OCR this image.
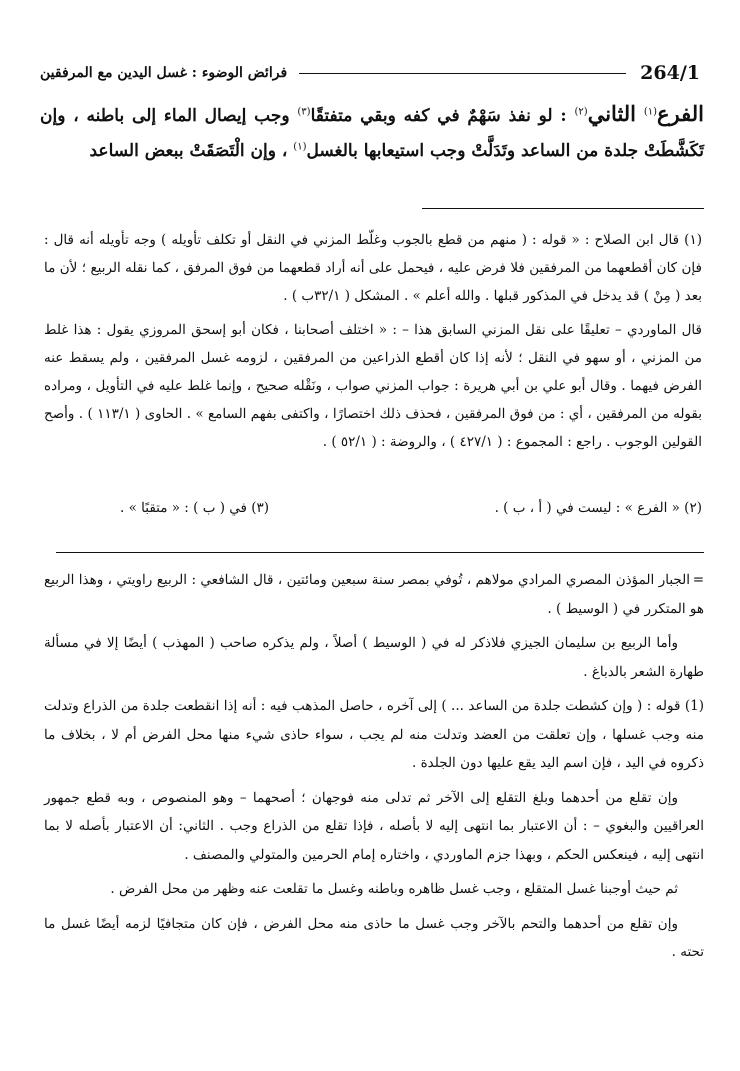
264/1
فرائض الوضوء : غسل اليدين مع المرفقين
الفرع$^{(١)}$ الثاني$^{(٢)}$ : لو نفذ سَهْمٌ في كفه وبقي متفتقًا$^{(٣)}$ وجب إيصال الماء إلى باطنه ، وإن تَكَشَّطَتْ جلدة من الساعد وتَدَلَّتْ وجب استيعابها بالغسل$^{(١)}$ ، وإن الْتَصَقَتْ ببعض الساعد

(١) قال ابن الصلاح : « قوله : ( منهم من قطع بالجوب وغلّط المزني في النقل أو تكلف تأويله ) وجه تأويله أنه قال : فإن كان أقطعهما من المرفقين فلا فرض عليه ، فيحمل على أنه أراد قطعهما من فوق المرفق ، كما نقله الربيع ؛ لأن ما بعد ( مِنْ ) قد يدخل في المذكور قبلها . والله أعلم » . المشكل ( ٣٢/١ب ) .

قال الماوردي – تعليقًا على نقل المزني السابق هذا – : « اختلف أصحابنا ، فكان أبو إسحق المروزي يقول : هذا غلط من المزني ، أو سهو في النقل ؛ لأنه إذا كان أقطع الذراعين من المرفقين ، لزومه غسل المرفقين ، ولم يسقط عنه الفرض فيهما . وقال أبو علي بن أبي هريرة : جواب المزني صواب ، ونَقْله صحيح ، وإنما غلط عليه في التأويل ، ومراده بقوله من المرفقين ، أي : من فوق المرفقين ، فحذف ذلك اختصارًا ، واكتفى بفهم السامع » . الحاوى ( ١١٣/١ ) . وأصح القولين الوجوب . راجع : المجموع : ( ٤٢٧/١ ) ، والروضة : ( ٥٢/١ ) .

(٢) « الفرع » : ليست في ( أ ، ب ) .
(٣) في ( ب ) : « متقبًا » .

=الجبار المؤذن المصري المرادي مولاهم ، تُوفي بمصر سنة سبعين ومائتين ، قال الشافعي : الربيع راويتي ، وهذا الربيع هو المتكرر في ( الوسيط ) .

وأما الربيع بن سليمان الجيزي فلاذكر له في ( الوسيط ) أصلاً ، ولم يذكره صاحب ( المهذب ) أيضًا إلا في مسألة طهارة الشعر بالدباغ .

(1) قوله : ( وإن كشطت جلدة من الساعد ... ) إلى آخره ، حاصل المذهب فيه : أنه إذا انقطعت جلدة من الذراع وتدلت منه وجب غسلها ، وإن تعلقت من العضد وتدلت منه لم يجب ، سواء حاذى شيء منها محل الفرض أم لا ، بخلاف ما ذكروه في اليد ، فإن اسم اليد يقع عليها دون الجلدة .

وإن تقلع من أحدهما وبلغ التقلع إلى الآخر ثم تدلى منه فوجهان ؛ أصحهما – وهو المنصوص ، وبه قطع جمهور العراقيين والبغوي – : أن الاعتبار بما انتهى إليه لا بأصله ، فإذا تقلع من الذراع وجب . الثاني: أن الاعتبار بأصله لا بما انتهى إليه ، فينعكس الحكم ، وبهذا جزم الماوردي ، واختاره إمام الحرمين والمتولي والمصنف .

ثم حيث أوجبنا غسل المتقلع ، وجب غسل ظاهره وباطنه وغسل ما تقلعت عنه وظهر من محل الفرض .

وإن تقلع من أحدهما والتحم بالآخر وجب غسل ما حاذى منه محل الفرض ، فإن كان متجافيًا لزمه أيضًا غسل ما تحته .
